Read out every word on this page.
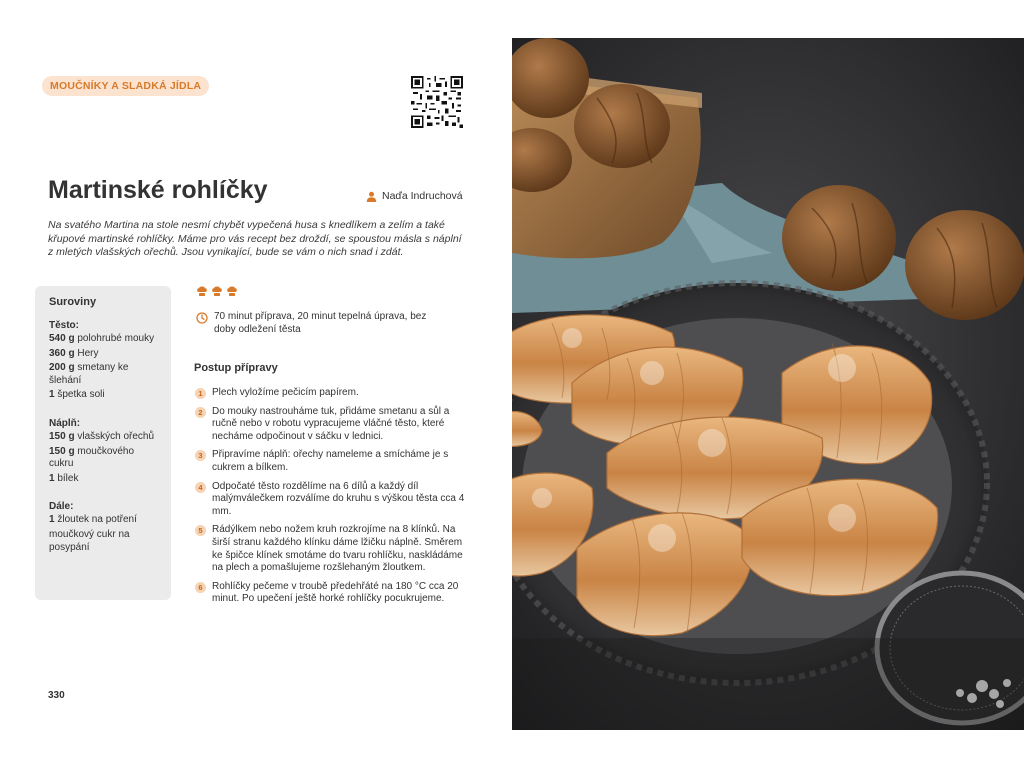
MOUČNÍKY A SLADKÁ JÍDLA
Martinské rohlíčky	Naďa Indruchová

Na svatého Martina na stole nesmí chybět vypečená husa s knedlíkem a zelím a také křupové martinské rohlíčky. Máme pro vás recept bez droždí, se spoustou másla s náplní z mletých vlašských ořechů. Jsou vynikající, bude se vám o nich snad i zdát.

Suroviny
Těsto:
540 g polohrubé mouky
360 g Hery
200 g smetany ke šlehání
1 špetka soli
Náplň:
150 g vlašských ořechů
150 g moučkového cukru
1 bílek
Dále:
1 žloutek na potření
moučkový cukr na posypání
70 minut příprava, 20 minut tepelná úprava, bez doby odležení těsta
Postup přípravy
1 Plech vyložíme pečicím papírem.
2 Do mouky nastrouháme tuk, přidáme smetanu a sůl a ručně nebo v robotu vypracujeme vláčné těsto, které necháme odpočinout v sáčku v lednici.
3 Připravíme náplň: ořechy nameleme a smícháme je s cukrem a bílkem.
4 Odpočaté těsto rozdělíme na 6 dílů a každý díl malýmválečkem rozválíme do kruhu s výškou těsta cca 4 mm.
5 Rádýlkem nebo nožem kruh rozkrojíme na 8 klínků. Na širší stranu každého klínku dáme lžičku náplně. Směrem ke špičce klínek smotáme do tvaru rohlíčku, naskládáme na plech a pomašlujeme rozšlehaným žloutkem.
6 Rohlíčky pečeme v troubě předehřáté na 180 °C cca 20 minut. Po upečení ještě horké rohlíčky pocukrujeme.
330
